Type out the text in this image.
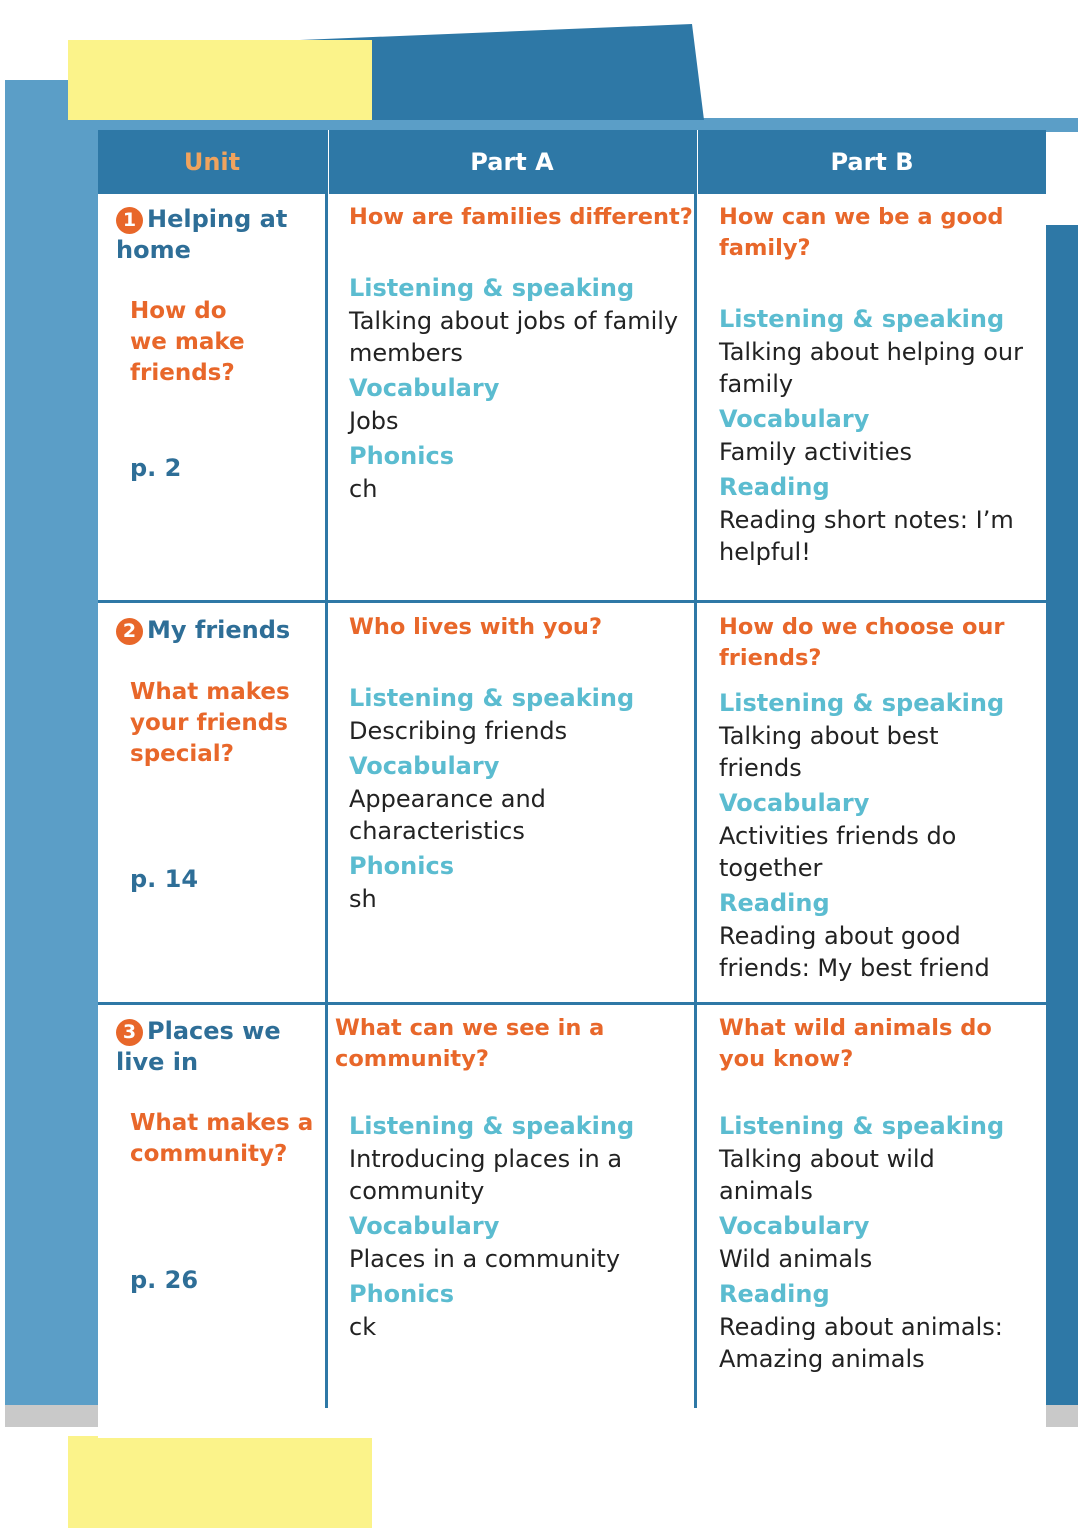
Unit	Part A	Part B
1 Helping at home
How do we make friends?
p. 2
How are families different?
Listening & speaking
Talking about jobs of family members
Vocabulary
Jobs
Phonics
ch
How can we be a good family?
Listening & speaking
Talking about helping our family
Vocabulary
Family activities
Reading
Reading short notes: I’m helpful!
2 My friends
What makes your friends special?
p. 14
Who lives with you?
Listening & speaking
Describing friends
Vocabulary
Appearance and characteristics
Phonics
sh
How do we choose our friends?
Listening & speaking
Talking about best friends
Vocabulary
Activities friends do together
Reading
Reading about good friends: My best friend
3 Places we live in
What makes a community?
p. 26
What can we see in a community?
Listening & speaking
Introducing places in a community
Vocabulary
Places in a community
Phonics
ck
What wild animals do you know?
Listening & speaking
Talking about wild animals
Vocabulary
Wild animals
Reading
Reading about animals: Amazing animals
